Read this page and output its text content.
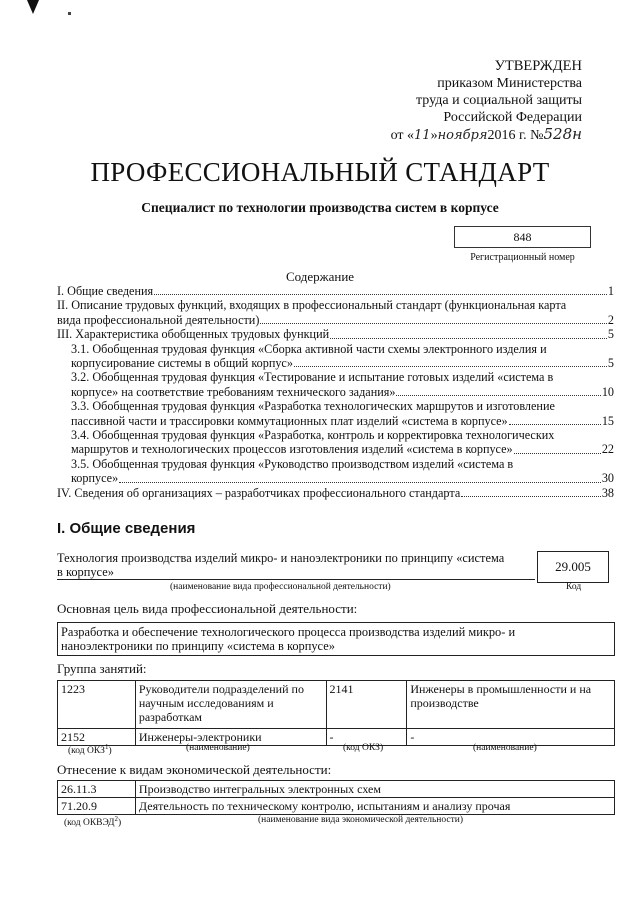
УТВЕРЖДЕН
приказом Министерства
труда и социальной защиты
Российской Федерации
от «11»ноября2016 г. №528н
ПРОФЕССИОНАЛЬНЫЙ СТАНДАРТ
Специалист по технологии производства систем в корпусе
848
Регистрационный номер
Содержание
I. Общие сведения	1
II. Описание трудовых функций, входящих в профессиональный стандарт (функциональная карта
вида профессиональной деятельности)	2
III. Характеристика обобщенных трудовых функций	5
3.1. Обобщенная трудовая функция «Сборка активной части схемы электронного изделия и
корпусирование системы в общий корпус»	5
3.2. Обобщенная трудовая функция «Тестирование и испытание готовых изделий «система в
корпусе» на соответствие требованиям технического задания»	10
3.3. Обобщенная трудовая функция «Разработка технологических маршрутов и изготовление
пассивной части и трассировки коммутационных плат изделий «система в корпусе»	15
3.4. Обобщенная трудовая функция «Разработка, контроль и корректировка технологических
маршрутов и технологических процессов изготовления изделий «система в корпусе»	22
3.5. Обобщенная трудовая функция «Руководство производством изделий «система в
корпусе»	30
IV. Сведения об организациях – разработчиках профессионального стандарта	38
I. Общие сведения
Технология производства изделий микро- и наноэлектроники по принципу «система
в корпусе»	29.005
(наименование вида профессиональной деятельности)	Код
Основная цель вида профессиональной деятельности:
Разработка и обеспечение технологического процесса производства изделий микро- и
наноэлектроники по принципу «система в корпусе»
Группа занятий:
1223	Руководители подразделений по научным исследованиям и разработкам	2141	Инженеры в промышленности и на производстве
2152	Инженеры-электроники	-	-
(код ОКЗ$^1$)	(наименование)	(код ОКЗ)	(наименование)
Отнесение к видам экономической деятельности:
26.11.3	Производство интегральных электронных схем
71.20.9	Деятельность по техническому контролю, испытаниям и анализу прочая
(код ОКВЭД$^2$)	(наименование вида экономической деятельности)
